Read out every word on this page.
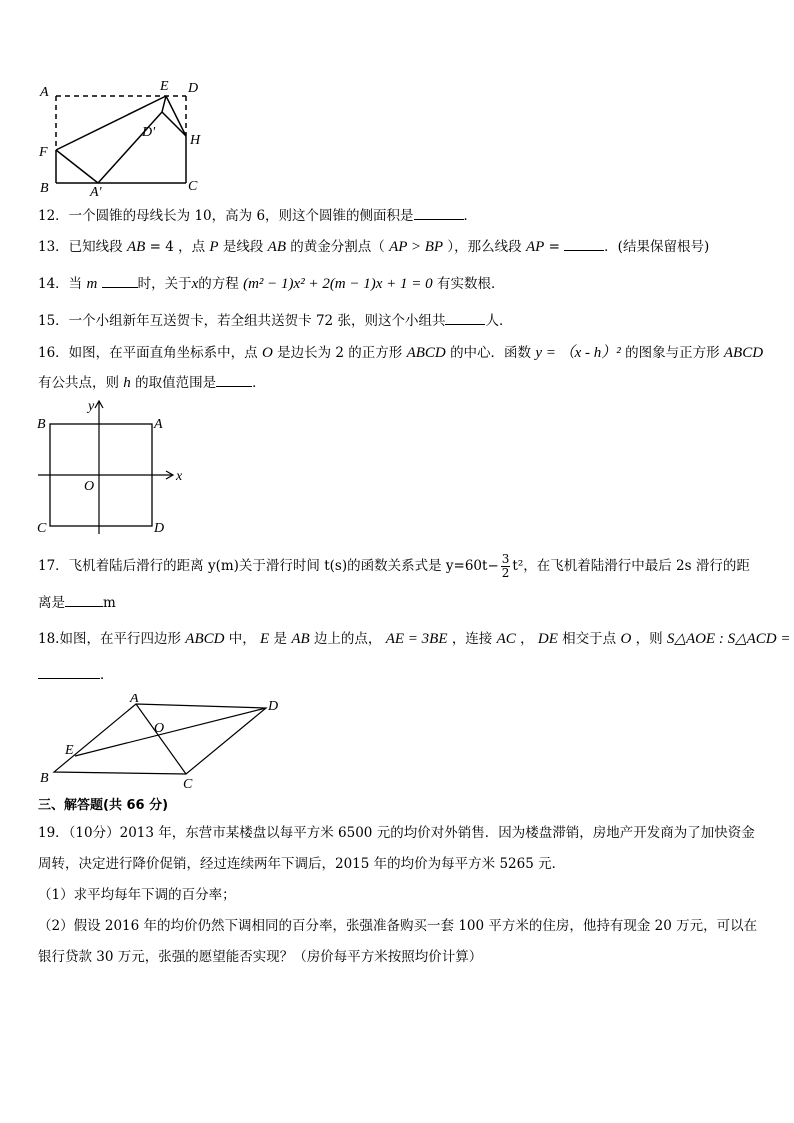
A	E D
D'
H
F
B	A'	C
12．一个圆锥的母线长为 10，高为 6，则这个圆锥的侧面积是	．
13．已知线段 AB = 4 ，点 P 是线段 AB 的黄金分割点（ AP > BP ），那么线段 AP =	．(结果保留根号)
14．当 m	时，关于x的方程 (m² − 1)x² + 2(m − 1)x + 1 = 0 有实数根．
15．一个小组新年互送贺卡，若全组共送贺卡 72 张，则这个小组共	人．
16．如图，在平面直角坐标系中，点 O 是边长为 2 的正方形 ABCD 的中心．函数 y = （x - h）² 的图象与正方形 ABCD
有公共点，则 h 的取值范围是	．
B	A
y
x
O
C	D
17．飞机着陆后滑行的距离 y(m)关于滑行时间 t(s)的函数关系式是 $y=60t- \frac{3}{2} t^2$，在飞机着陆滑行中最后 2s 滑行的距
离是	m
18.如图，在平行四边形 ABCD 中， E 是 AB 边上的点， AE = 3BE ，连接 AC ， DE 相交于点 O ，则 S△AOE : S△ACD =
．
A
D
O
E
B	C
三、解答题(共 66 分)
19．（10分）2013 年，东营市某楼盘以每平方米 6500 元的均价对外销售．因为楼盘滞销，房地产开发商为了加快资金
周转，决定进行降价促销，经过连续两年下调后，2015 年的均价为每平方米 5265 元．
（1）求平均每年下调的百分率；
（2）假设 2016 年的均价仍然下调相同的百分率，张强准备购买一套 100 平方米的住房，他持有现金 20 万元，可以在
银行贷款 30 万元，张强的愿望能否实现？（房价每平方米按照均价计算）
